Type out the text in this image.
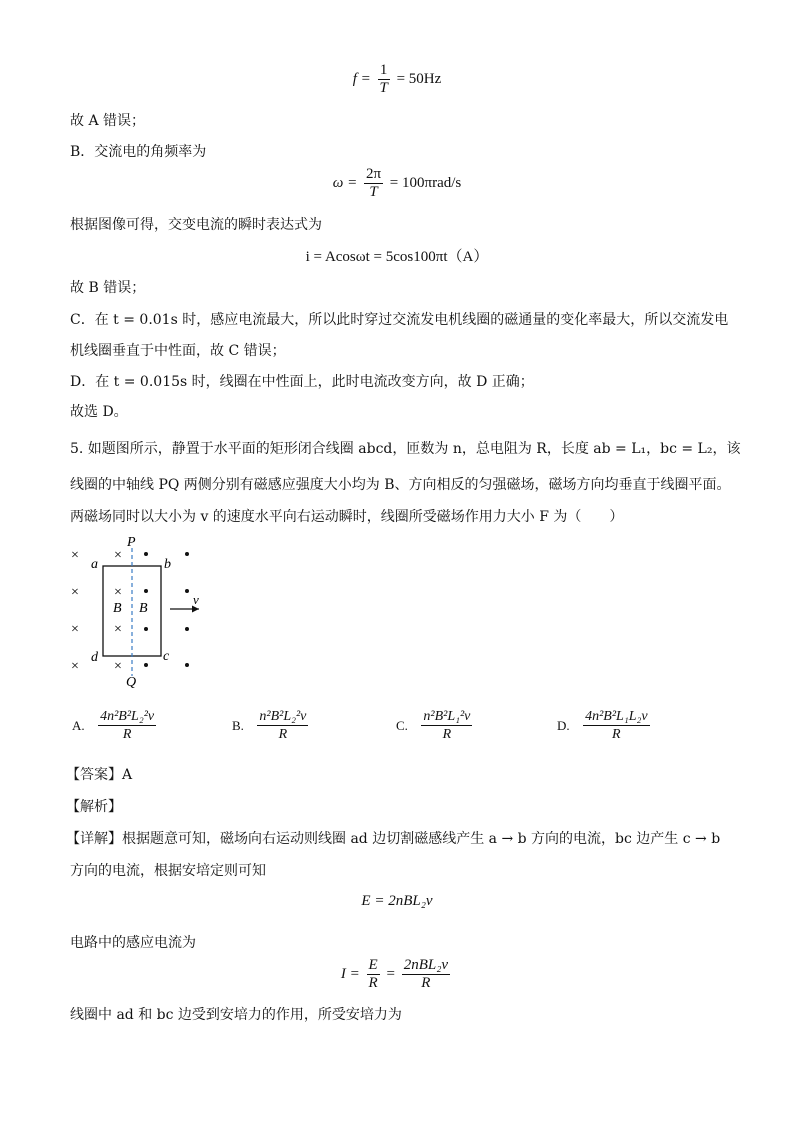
$f = \frac{1}{T} = 50Hz$
故 A 错误；
B．交流电的角频率为
$\omega = \frac{2\pi}{T} = 100\pi rad/s$
根据图像可得，交变电流的瞬时表达式为
i = Acosωt = 5cos100πt（A）
故 B 错误；
C．在 t = 0.01s 时，感应电流最大，所以此时穿过交流发电机线圈的磁通量的变化率最大，所以交流发电
机线圈垂直于中性面，故 C 错误；
D．在 t = 0.015s 时，线圈在中性面上，此时电流改变方向，故 D 正确；
故选 D。
5. 如题图所示，静置于水平面的矩形闭合线圈 abcd，匝数为 n，总电阻为 R，长度 ab = L₁，bc = L₂，该
线圈的中轴线 PQ 两侧分别有磁感应强度大小均为 B、方向相反的匀强磁场，磁场方向均垂直于线圈平面。
两磁场同时以大小为 v 的速度水平向右运动瞬时，线圈所受磁场作用力大小 F 为（　　）
P
Q
a	b
c
d
B B
×
×
×
×
×
×
×
×
v
A. $\frac{\text{4n²B²L₂²v}}{R}$	B. $\frac{\text{n²B²L₂²v}}{R}$	C. $\frac{\text{n²B²L₁²v}}{R}$	D. $\frac{\text{4n²B²L₁L₂v}}{R}$
【答案】A
【解析】
【详解】根据题意可知，磁场向右运动则线圈 ad 边切割磁感线产生 a → b 方向的电流，bc 边产生 c → b
方向的电流，根据安培定则可知
E = 2nBL₂v
电路中的感应电流为
$I = \frac{E}{R} = \frac{\text{2nBL₂v}}{R}$
线圈中 ad 和 bc 边受到安培力的作用，所受安培力为
